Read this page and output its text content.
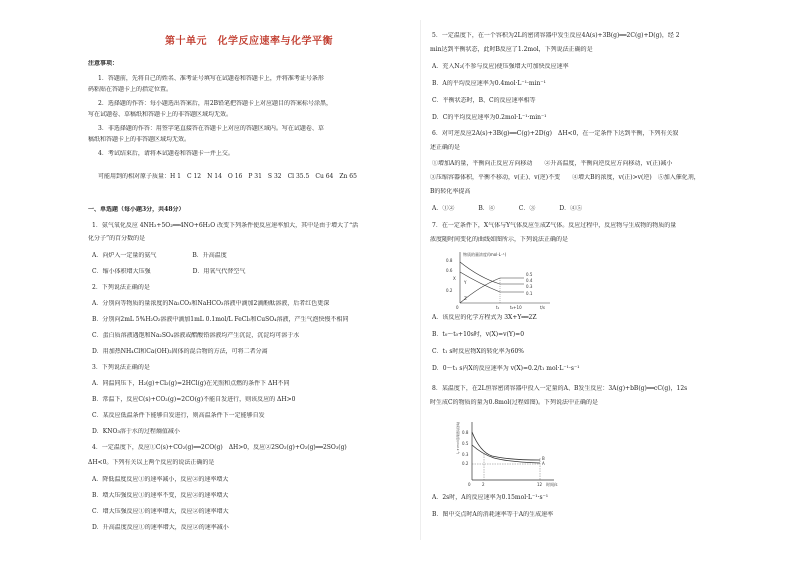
第十单元　化学反应速率与化学平衡
注意事项：
1．答题前，先将自己的姓名、准考证号填写在试题卷和答题卡上，并将准考证号条形
码粘贴在答题卡上的指定位置。
2．选择题的作答：每小题选出答案后，用2B铅笔把答题卡上对应题目的答案标号涂黑，
写在试题卷、草稿纸和答题卡上的非答题区域均无效。
3．非选择题的作答：用签字笔直接答在答题卡上对应的答题区域内。写在试题卷、草
稿纸和答题卡上的非答题区域均无效。
4．考试结束后，请将本试题卷和答题卡一并上交。
可能用到的相对原子质量：H 1　C 12　N 14　O 16　P 31　S 32　Cl 35.5　Cu 64　Zn 65
一、单选题（每小题3分，共48分）
1．氨气氧化反应 4NH₃+5O₂══4NO+6H₂O 改变下列条件使反应速率加大，其中是由于增大了“活
化分子”的百分数的是
A．向炉入一定量的氨气　　　　　　B．升高温度
C．缩小体积增大压强　　　　　　　D．用氧气代替空气
2．下列说法正确的是
A．分别向等物质的量浓度的Na₂CO₃和NaHCO₃溶液中滴加2滴酚酞溶液，后者红色更深
B．分别向2mL 5%H₂O₂溶液中滴加1mL 0.1mol/L FeCl₃和CuSO₄溶液，产生气泡快慢不相同
C．蛋白质溶液遇饱和Na₂SO₄溶液或醋酸铅溶液均产生沉淀，沉淀均可溶于水
D．用加热NH₄Cl和Ca(OH)₂固体的混合物的方法，可将二者分离
3．下列说法正确的是
A．同温同压下，H₂(g)+Cl₂(g)=2HCl(g)在光照和点燃的条件下 ΔH不同
B．常温下，反应C(s)+CO₂(g)=2CO(g)不能自发进行，则该反应的 ΔH>0
C．某反应低温条件下能够自发进行，则高温条件下一定能够自发
D．KNO₃溶于水的过程熵值减小
4．一定温度下，反应①C(s)+CO₂(g)══2CO(g)　ΔH>0，反应②2SO₂(g)+O₂(g)══2SO₃(g)
ΔH<0。下列有关以上两个反应的说法正确的是
A．降低温度反应①的速率减小，反应②的速率增大
B．增大压强反应①的速率不变，反应②的速率增大
C．增大压强反应①的速率增大，反应②的速率增大
D．升高温度反应①的速率增大，反应②的速率减小
5．一定温度下，在一个容积为2L的密闭容器中发生反应4A(s)+3B(g)══2C(g)+D(g)，经 2
min达到平衡状态，此时B反应了1.2mol，下列说法正确的是
A．充入N₂(不参与反应)使压强增大可加快反应速率
B．A的平均反应速率为0.4mol·L⁻¹·min⁻¹
C．平衡状态时，B、C的反应速率相等
D．C的平均反应速率为0.2mol·L⁻¹·min⁻¹
6．对可逆反应2A(s)+3B(g)══C(g)+2D(g)　ΔH<0，在一定条件下达到平衡，下列有关叙
述正确的是
①增加A的量，平衡向正反应方向移动　　②升高温度，平衡向逆反应方向移动，v(正)减小
③压缩容器体积，平衡不移动，v(正)、v(逆)不变　　④增大B的浓度，v(正)>v(逆)　⑤加入催化剂，
B的转化率提高
A．①②　　　　B．④　　　　C．③　　　　D．④⑤
7．在一定条件下，X气体与Y气体反应生成Z气体。反应过程中，反应物与生成物的物质的量
浓度随时间变化的曲线如图所示，下列说法正确的是
A．该反应的化学方程式为 3X+Y══2Z
B．t₀～t₀+10s时，v(X)=v(Y)=0
C．t₁ s时反应物X的转化率为60%
D．0～t₁ s内X的反应速率为 v(X)=0.2/t₁ mol·L⁻¹·s⁻¹
8．某温度下，在2L恒容密闭容器中投入一定量的A、B发生反应：3A(g)+bB(g)══cC(g)，12s
时生成C的物质的量为0.8mol(过程如图)。下列说法中正确的是
A．2s时，A的反应速率为0.15mol·L⁻¹·s⁻¹
B．图中交点时A的消耗速率等于A的生成速率
物质的量浓度/(mol·L⁻¹)
0.8
0.6
0.5
0.4
0.3
0.2
0.1
X
Y
Z
0	t₁	t₀+10	t/s
物质的量浓度/(mol·L⁻¹) 0.8
0.5
0.3
0.2
B
A
0	2	12 时间/s
